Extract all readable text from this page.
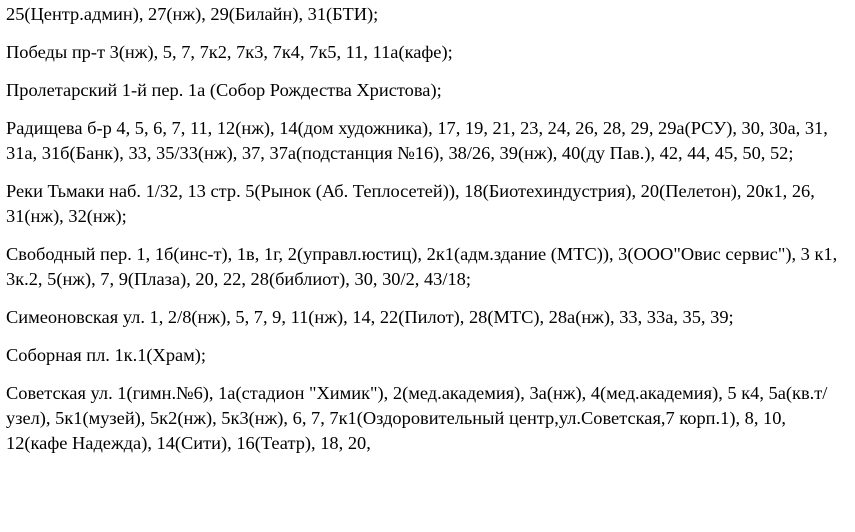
25(Центр.админ), 27(нж), 29(Билайн), 31(БТИ);

Победы пр-т 3(нж), 5, 7, 7к2, 7к3, 7к4, 7к5, 11, 11а(кафе);

Пролетарский 1-й пер. 1а (Собор Рождества Христова);

Радищева б-р 4, 5, 6, 7, 11, 12(нж), 14(дом художника), 17, 19, 21, 23, 24, 26, 28, 29, 29а(РСУ), 30, 30а, 31, 31а, 31б(Банк), 33, 35/33(нж), 37, 37а(подстанция №16), 38/26, 39(нж), 40(ду Пав.), 42, 44, 45, 50, 52;

Реки Тьмаки наб. 1/32, 13 стр. 5(Рынок (Аб. Теплосетей)), 18(Биотехиндустрия), 20(Пелетон), 20к1, 26, 31(нж), 32(нж);

Свободный пер. 1, 1б(инс-т), 1в, 1г, 2(управл.юстиц), 2к1(адм.здание (МТС)), 3(ООО"Овис сервис"), 3 к1, 3к.2, 5(нж), 7, 9(Плаза), 20, 22, 28(библиот), 30, 30/2, 43/18;

Симеоновская ул. 1, 2/8(нж), 5, 7, 9, 11(нж), 14, 22(Пилот), 28(МТС), 28а(нж), 33, 33а, 35, 39;

Соборная пл. 1к.1(Храм);

Советская ул. 1(гимн.№6), 1а(стадион "Химик"), 2(мед.академия), 3а(нж), 4(мед.академия), 5 к4, 5а(кв.т/узел), 5к1(музей), 5к2(нж), 5к3(нж), 6, 7, 7к1(Оздоровительный центр,ул.Советская,7 корп.1), 8, 10, 12(кафе Надежда), 14(Сити), 16(Театр), 18, 20,
